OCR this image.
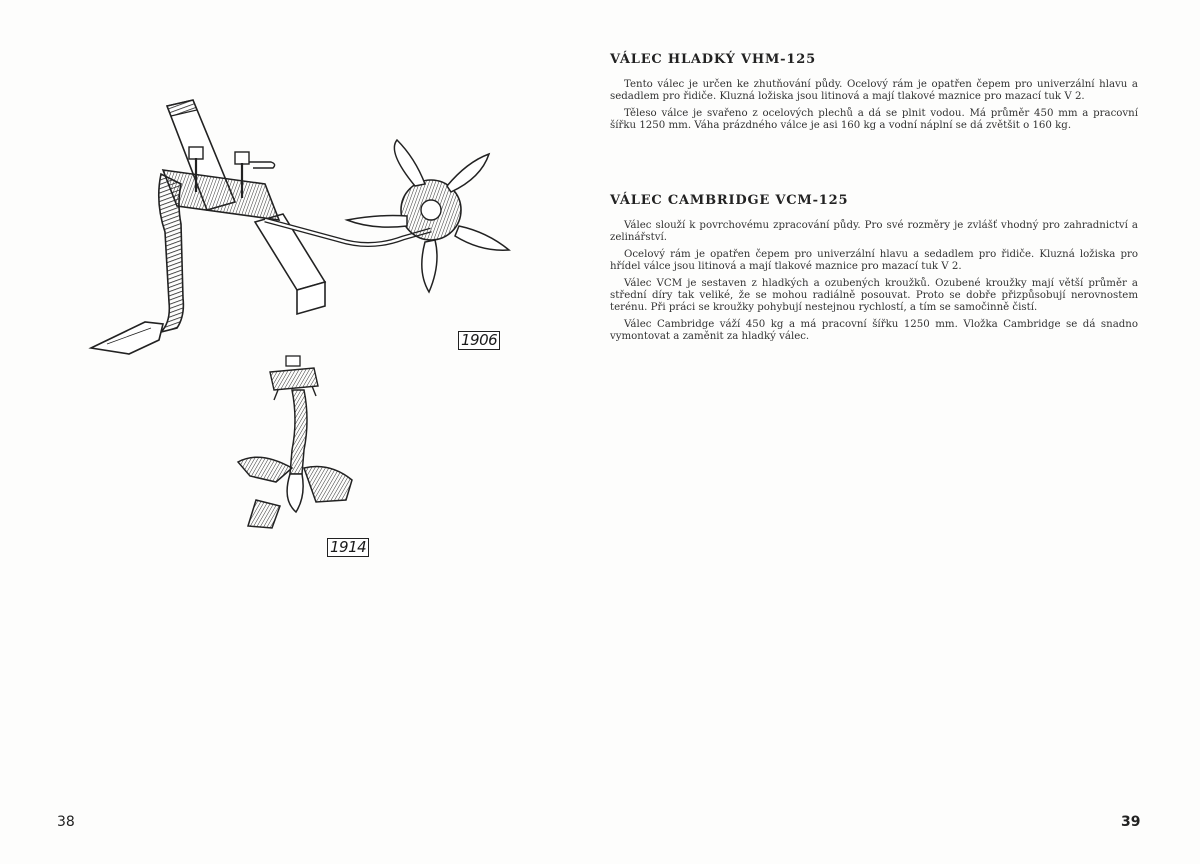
1906
1914
38
VÁLEC HLADKÝ VHM-125

Tento válec je určen ke zhutňování půdy. Ocelový rám je opatřen čepem pro univerzální hlavu a sedadlem pro řidiče. Kluzná ložiska jsou litinová a mají tlakové maznice pro mazací tuk V 2.

Těleso válce je svařeno z ocelových plechů a dá se plnit vodou. Má průměr 450 mm a pracovní šířku 1250 mm. Váha prázdného válce je asi 160 kg a vodní náplní se dá zvětšit o 160 kg.

VÁLEC CAMBRIDGE VCM-125

Válec slouží k povrchovému zpracování půdy. Pro své rozměry je zvlášť vhodný pro zahradnictví a zelinářství.

Ocelový rám je opatřen čepem pro univerzální hlavu a sedadlem pro řidiče. Kluzná ložiska pro hřídel válce jsou litinová a mají tlakové maznice pro mazací tuk V 2.

Válec VCM je sestaven z hladkých a ozubených kroužků. Ozubené kroužky mají větší průměr a střední díry tak veliké, že se mohou radiálně posouvat. Proto se dobře přizpůsobují nerovnostem terénu. Při práci se kroužky pohybují nestejnou rychlostí, a tím se samočinně čistí.

Válec Cambridge váží 450 kg a má pracovní šířku 1250 mm. Vložka Cambridge se dá snadno vymontovat a zaměnit za hladký válec.

39
